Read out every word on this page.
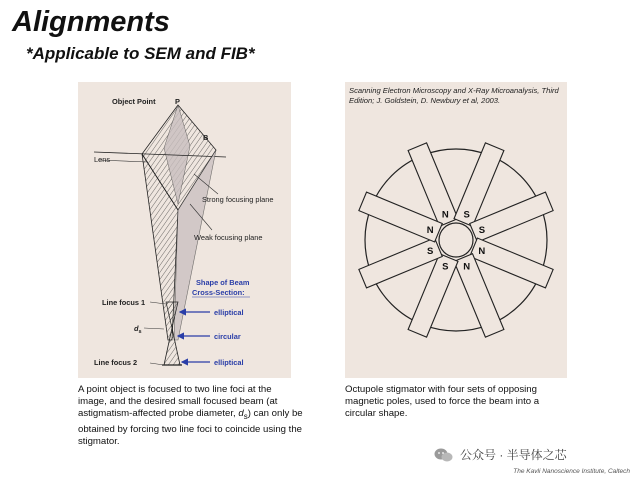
Alignments
*Applicable to SEM and FIB*
Object Point	P
B
Lens
Strong focusing plane
Weak focusing plane
Shape of Beam
Cross-Section:
Line focus 1
$d_s$
Line focus 2
elliptical
circular
elliptical
A point object is focused to two line foci at the image, and the desired small focused beam (at astigmatism-affected probe diameter, $d_s$) can only be obtained by forcing two line foci to coincide using the stigmator.
Scanning Electron Microscopy and X-Ray Microanalysis, Third Edition; J. Goldstein, D. Newbury et al, 2003.
N S
S
N
N
S
S
N
Octupole stigmator with four sets of opposing magnetic poles, used to force the beam into a circular shape.
公众号 · 半导体之芯
The Kavli Nanoscience Institute, Caltech
